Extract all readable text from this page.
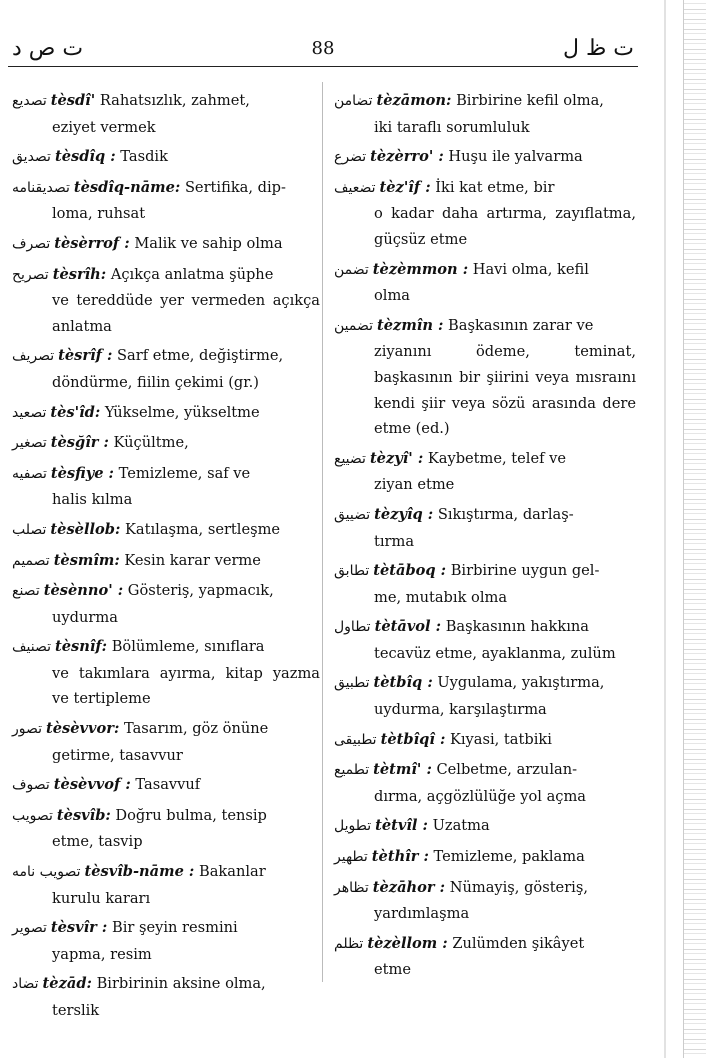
ت ص د	88	ت ظ ل
تصدیع tèsdî' Rahatsızlık, zahmet,
eziyet vermek
تصدیق tèsdîq : Tasdik
تصدیقنامه tèsdîq-nāme: Sertifika, dip-
loma, ruhsat
تصرف tèsèrrof : Malik ve sahip olma
تصریح tèsrîh: Açıkça anlatma şüphe
ve tereddüde yer vermeden açıkça anlatma
تصریف tèsrîf : Sarf etme, değiştirme,
döndürme, fiilin çekimi (gr.)
تصعید tès'îd: Yükselme, yükseltme
تصغیر tèsğîr : Küçültme,
تصفیه tèsfiye : Temizleme, saf ve
halis kılma
تصلب tèsèllob: Katılaşma, sertleşme
تصمیم tèsmîm: Kesin karar verme
تصنع tèsènno' : Gösteriş, yapmacık,
uydurma
تصنیف tèsnîf: Bölümleme, sınıflara
ve takımlara ayırma, kitap yazma ve tertipleme
تصور tèsèvvor: Tasarım, göz önüne
getirme, tasavvur
تصوف tèsèvvof : Tasavvuf
تصویب tèsvîb: Doğru bulma, tensip
etme, tasvip
تصویب نامه tèsvîb-nāme : Bakanlar
kurulu kararı
تصویر tèsvîr : Bir şeyin resmini
yapma, resim
تضاد tèzād: Birbirinin aksine olma,
terslik
تضامن tèzāmon: Birbirine kefil olma,
iki taraflı sorumluluk
تضرع tèzèrro' : Huşu ile yalvarma
تضعیف tèz'îf : İki kat etme, bir
o kadar daha artırma, zayıflatma, güçsüz etme
تضمن tèzèmmon : Havi olma, kefil
olma
تضمین tèzmîn : Başkasının zarar ve
ziyanını ödeme, teminat, başkasının bir şiirini veya mısraını kendi şiir veya sözü arasında dere etme (ed.)
تضییع tèzyî' : Kaybetme, telef ve
ziyan etme
تضییق tèzyîq : Sıkıştırma, darlaş-
tırma
تطابق tètāboq : Birbirine uygun gel-
me, mutabık olma
تطاول tètāvol : Başkasının hakkına
tecavüz etme, ayaklanma, zulüm
تطبیق tètbîq : Uygulama, yakıştırma,
uydurma, karşılaştırma
تطبیقی tètbîqî : Kıyasi, tatbiki
تطمیع tètmî' : Celbetme, arzulan-
dırma, açgözlülüğe yol açma
تطویل tètvîl : Uzatma
تطهیر tèthîr : Temizleme, paklama
تظاهر tèzāhor : Nümayiş, gösteriş,
yardımlaşma
تظلم tèzèllom : Zulümden şikâyet
etme
